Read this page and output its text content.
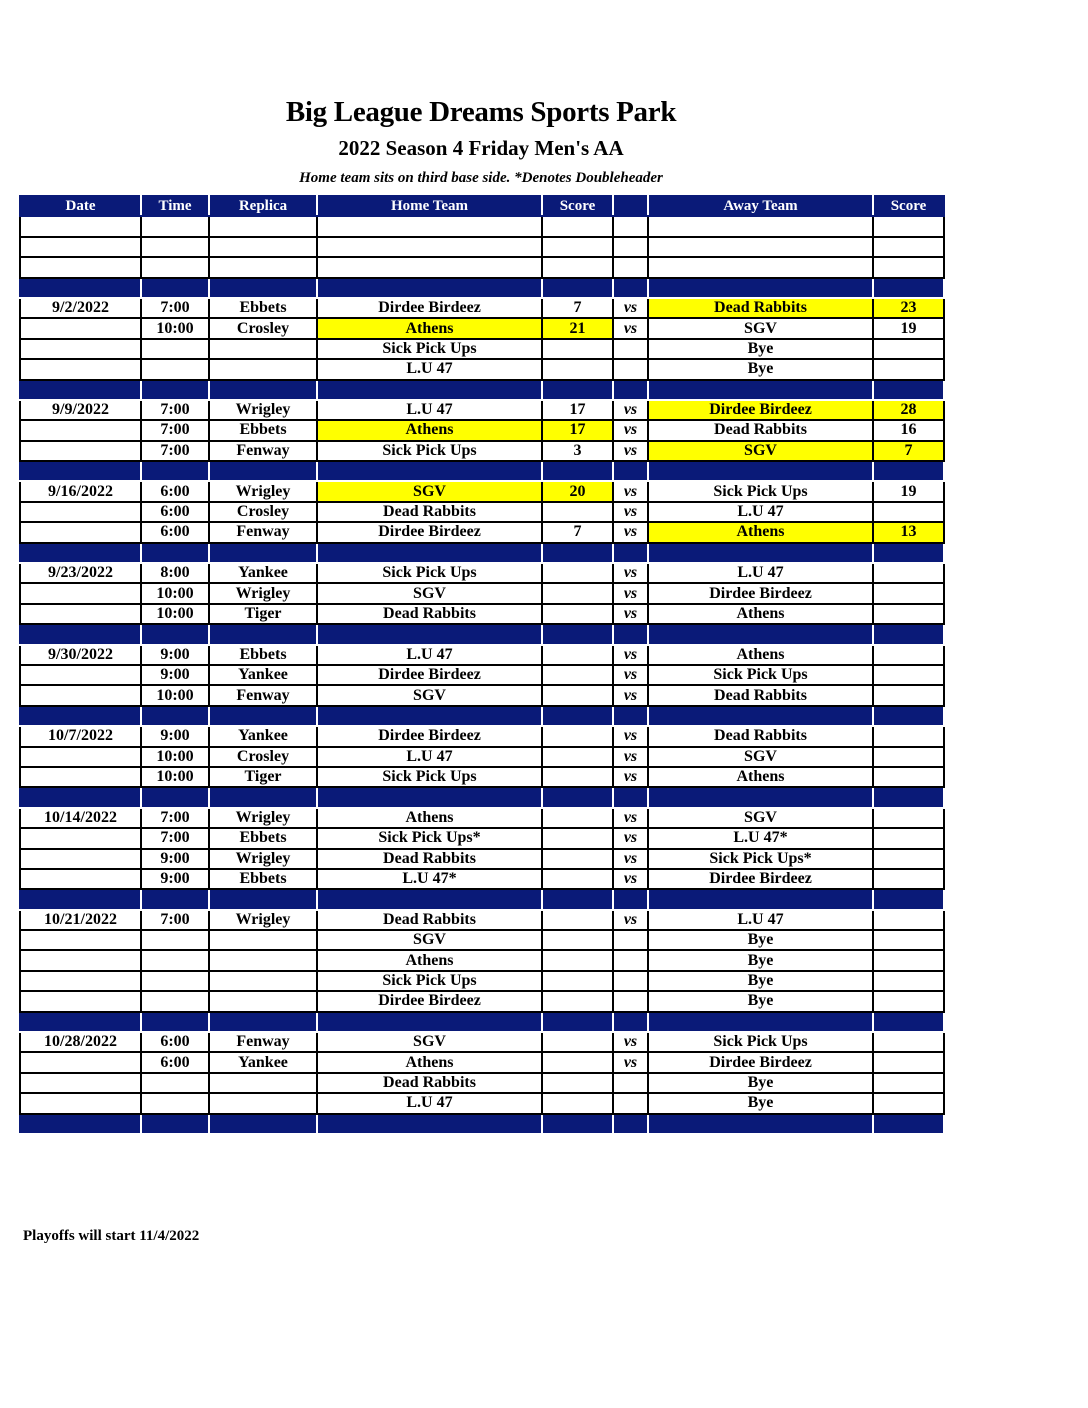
Big League Dreams Sports Park
2022 Season 4 Friday Men's AA
Home team sits on third base side. *Denotes Doubleheader
Date	Time	Replica	Home Team	Score		Away Team	Score

9/2/2022	7:00	Ebbets	Dirdee Birdeez	7	vs	Dead Rabbits	23
	10:00	Crosley	Athens	21	vs	SGV	19
			Sick Pick Ups			Bye	
			L.U 47			Bye	

9/9/2022	7:00	Wrigley	L.U 47	17	vs	Dirdee Birdeez	28
	7:00	Ebbets	Athens	17	vs	Dead Rabbits	16
	7:00	Fenway	Sick Pick Ups	3	vs	SGV	7

9/16/2022	6:00	Wrigley	SGV	20	vs	Sick Pick Ups	19
	6:00	Crosley	Dead Rabbits		vs	L.U 47	
	6:00	Fenway	Dirdee Birdeez	7	vs	Athens	13

9/23/2022	8:00	Yankee	Sick Pick Ups		vs	L.U 47	
	10:00	Wrigley	SGV		vs	Dirdee Birdeez	
	10:00	Tiger	Dead Rabbits		vs	Athens	

9/30/2022	9:00	Ebbets	L.U 47		vs	Athens	
	9:00	Yankee	Dirdee Birdeez		vs	Sick Pick Ups	
	10:00	Fenway	SGV		vs	Dead Rabbits	

10/7/2022	9:00	Yankee	Dirdee Birdeez		vs	Dead Rabbits	
	10:00	Crosley	L.U 47		vs	SGV	
	10:00	Tiger	Sick Pick Ups		vs	Athens	

10/14/2022	7:00	Wrigley	Athens		vs	SGV	
	7:00	Ebbets	Sick Pick Ups*		vs	L.U 47*	
	9:00	Wrigley	Dead Rabbits		vs	Sick Pick Ups*	
	9:00	Ebbets	L.U 47*		vs	Dirdee Birdeez	

10/21/2022	7:00	Wrigley	Dead Rabbits		vs	L.U 47	
			SGV			Bye	
			Athens			Bye	
			Sick Pick Ups			Bye	
			Dirdee Birdeez			Bye	

10/28/2022	6:00	Fenway	SGV		vs	Sick Pick Ups	
	6:00	Yankee	Athens		vs	Dirdee Birdeez	
			Dead Rabbits			Bye	
			L.U 47			Bye	

Playoffs will start 11/4/2022
